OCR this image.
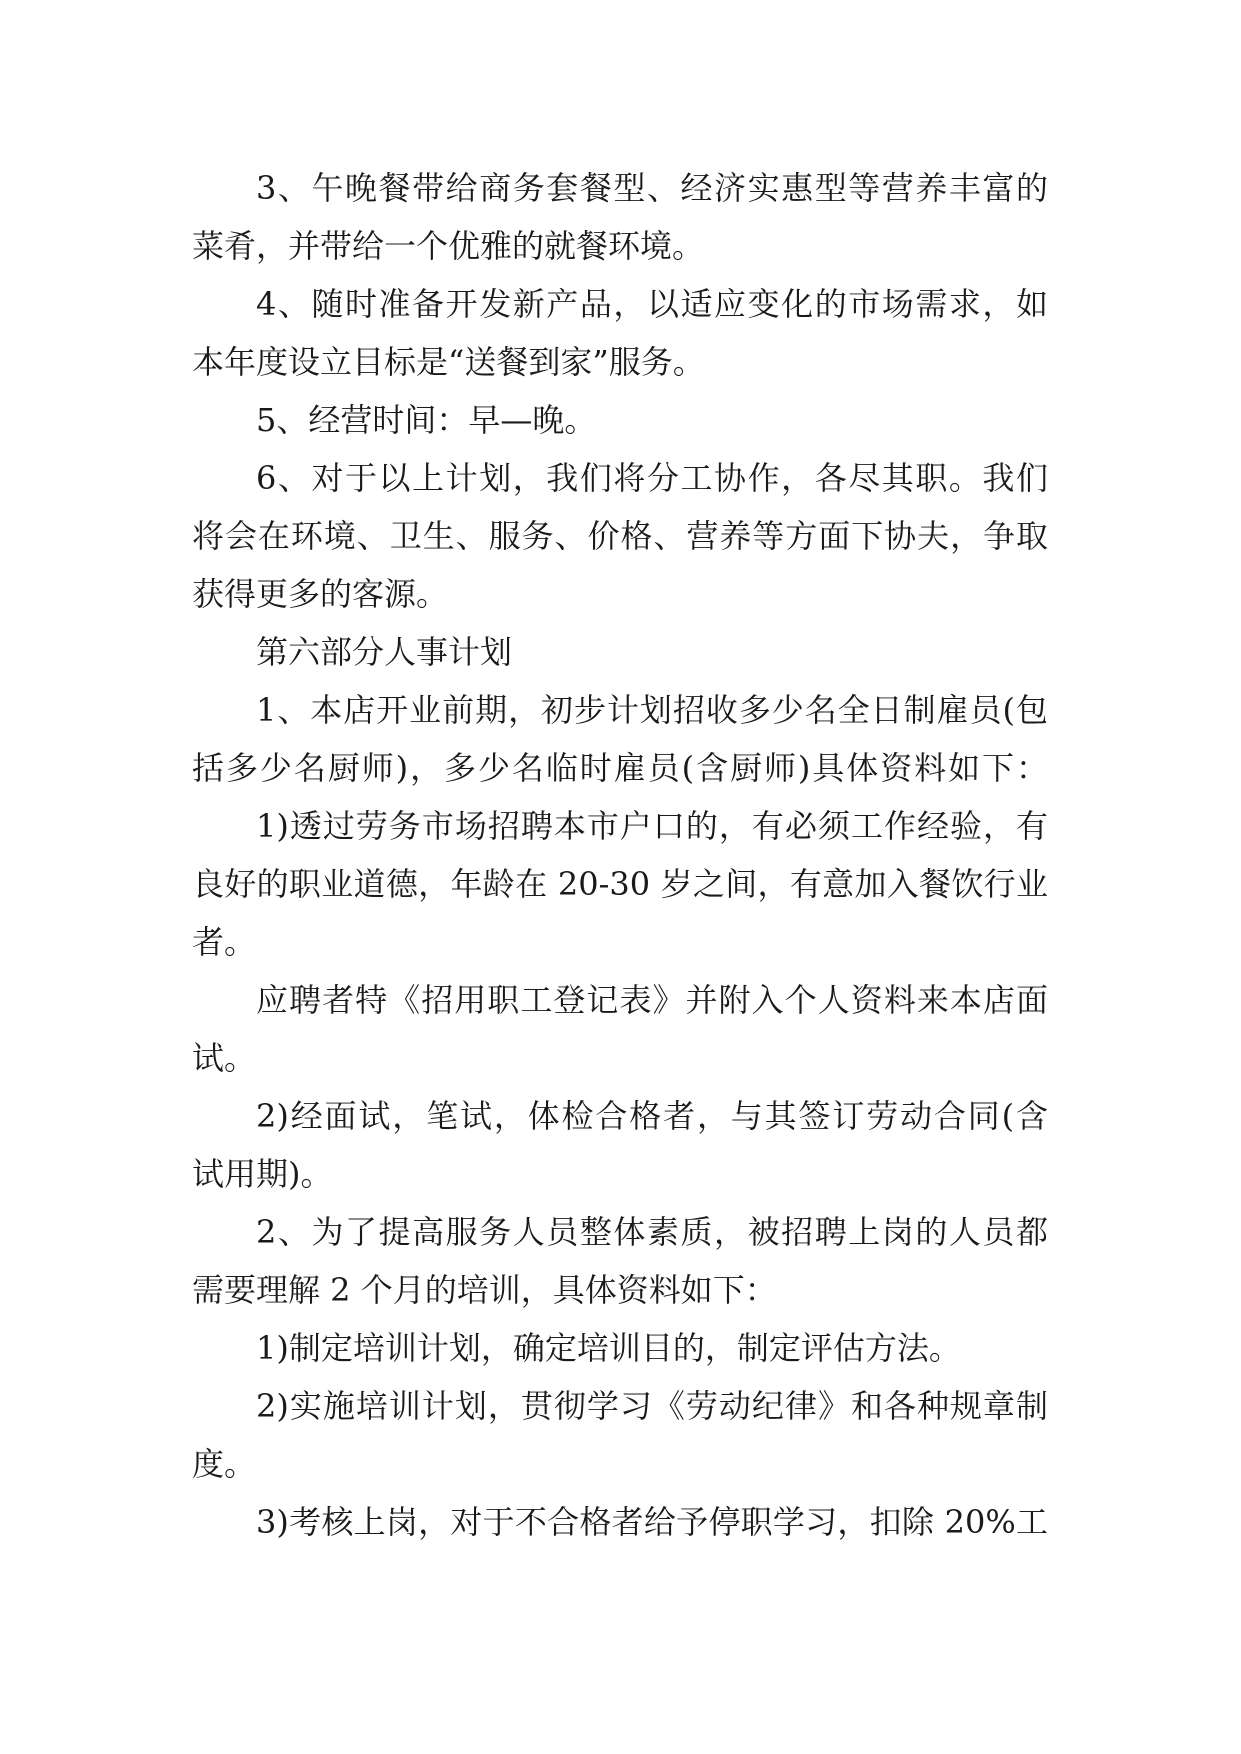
3、午晚餐带给商务套餐型、经济实惠型等营养丰富的
菜肴，并带给一个优雅的就餐环境。
4、随时准备开发新产品，以适应变化的市场需求，如
本年度设立目标是“送餐到家”服务。
5、经营时间：早—晚。
6、对于以上计划，我们将分工协作，各尽其职。我们
将会在环境、卫生、服务、价格、营养等方面下协夫，争取
获得更多的客源。
第六部分人事计划
1、本店开业前期，初步计划招收多少名全日制雇员(包
括多少名厨师)，多少名临时雇员(含厨师)具体资料如下：
1)透过劳务市场招聘本市户口的，有必须工作经验，有
良好的职业道德，年龄在 20-30 岁之间，有意加入餐饮行业
者。
应聘者特《招用职工登记表》并附入个人资料来本店面
试。
2)经面试，笔试，体检合格者，与其签订劳动合同(含
试用期)。
2、为了提高服务人员整体素质，被招聘上岗的人员都
需要理解 2 个月的培训，具体资料如下：
1)制定培训计划，确定培训目的，制定评估方法。
2)实施培训计划，贯彻学习《劳动纪律》和各种规章制
度。
3)考核上岗，对于不合格者给予停职学习，扣除 20%工
